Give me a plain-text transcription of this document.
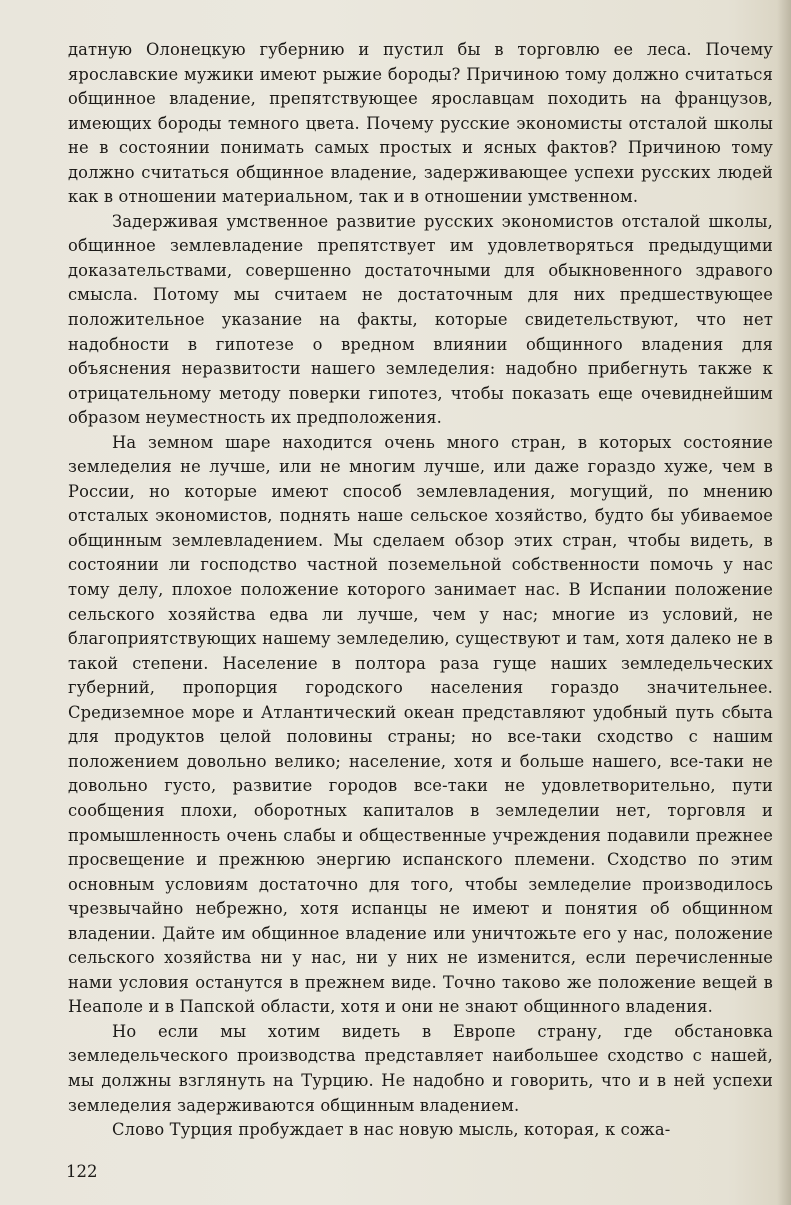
датную Олонецкую губернию и пустил бы в торговлю ее леса. Почему ярославские мужики имеют рыжие бороды? Причиною тому должно считаться общинное владение, препятствующее ярославцам походить на французов, имеющих бороды темного цвета. Почему русские экономисты отсталой школы не в состоянии понимать самых простых и ясных фактов? Причиною тому должно считаться общинное владение, задерживающее успехи русских людей как в отношении материальном, так и в отношении умственном.

Задерживая умственное развитие русских экономистов отсталой школы, общинное землевладение препятствует им удовлетворяться предыдущими доказательствами, совершенно достаточными для обыкновенного здравого смысла. Потому мы считаем не достаточным для них предшествующее положительное указание на факты, которые свидетельствуют, что нет надобности в гипотезе о вредном влиянии общинного владения для объяснения неразвитости нашего земледелия: надобно прибегнуть также к отрицательному методу поверки гипотез, чтобы показать еще очевиднейшим образом неуместность их предположения.

На земном шаре находится очень много стран, в которых состояние земледелия не лучше, или не многим лучше, или даже гораздо хуже, чем в России, но которые имеют способ землевладения, могущий, по мнению отсталых экономистов, поднять наше сельское хозяйство, будто бы убиваемое общинным землевладением. Мы сделаем обзор этих стран, чтобы видеть, в состоянии ли господство частной поземельной собственности помочь у нас тому делу, плохое положение которого занимает нас. В Испании положение сельского хозяйства едва ли лучше, чем у нас; многие из условий, не благоприятствующих нашему земледелию, существуют и там, хотя далеко не в такой степени. Население в полтора раза гуще наших земледельческих губерний, пропорция городского населения гораздо значительнее. Средиземное море и Атлантический океан представляют удобный путь сбыта для продуктов целой половины страны; но все-таки сходство с нашим положением довольно велико; население, хотя и больше нашего, все-таки не довольно густо, развитие городов все-таки не удовлетворительно, пути сообщения плохи, оборотных капиталов в земледелии нет, торговля и промышленность очень слабы и общественные учреждения подавили прежнее просвещение и прежнюю энергию испанского племени. Сходство по этим основным условиям достаточно для того, чтобы земледелие производилось чрезвычайно небрежно, хотя испанцы не имеют и понятия об общинном владении. Дайте им общинное владение или уничтожьте его у нас, положение сельского хозяйства ни у нас, ни у них не изменится, если перечисленные нами условия останутся в прежнем виде. Точно таково же положение вещей в Неаполе и в Папской области, хотя и они не знают общинного владения.

Но если мы хотим видеть в Европе страну, где обстановка земледельческого производства представляет наибольшее сходство с нашей, мы должны взглянуть на Турцию. Не надобно и говорить, что и в ней успехи земледелия задерживаются общинным владением.

Слово Турция пробуждает в нас новую мысль, которая, к сожа-

122
